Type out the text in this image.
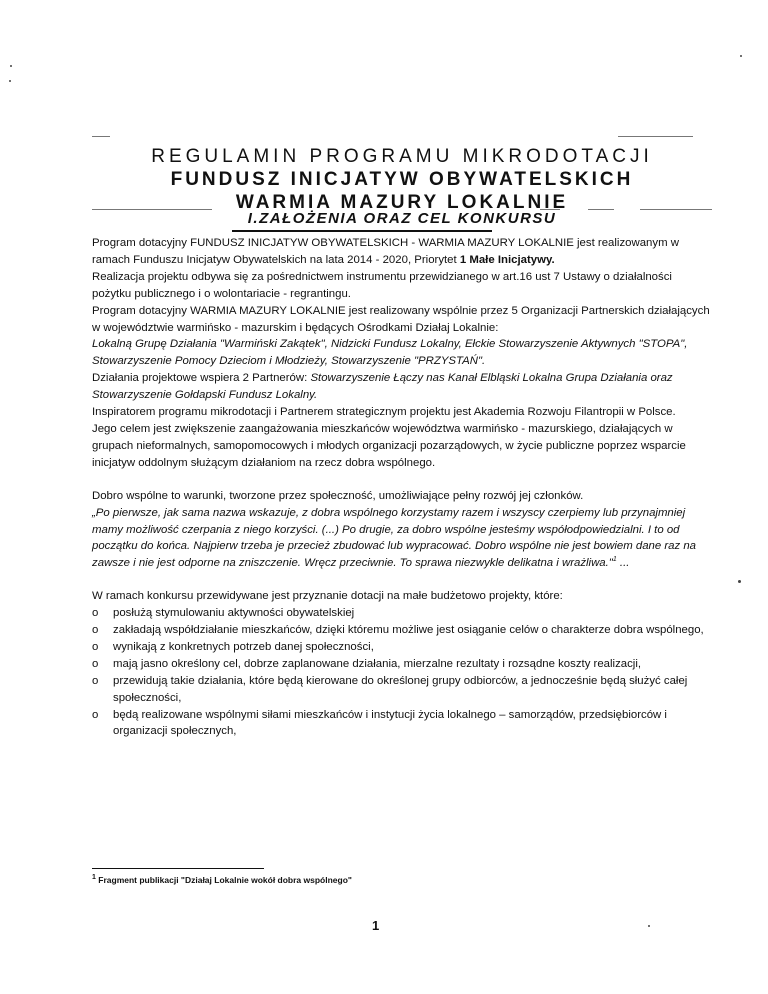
REGULAMIN PROGRAMU MIKRODOTACJI
FUNDUSZ INICJATYW OBYWATELSKICH
WARMIA MAZURY LOKALNIE
I.ZAŁOŻENIA ORAZ CEL KONKURSU

Program dotacyjny FUNDUSZ INICJATYW OBYWATELSKICH - WARMIA MAZURY LOKALNIE jest realizowanym w ramach Funduszu Inicjatyw Obywatelskich na lata 2014 - 2020, Priorytet 1 Małe Inicjatywy.

Realizacja projektu odbywa się za pośrednictwem instrumentu przewidzianego w art.16 ust 7 Ustawy o działalności pożytku publicznego i o wolontariacie - regrantingu.

Program dotacyjny WARMIA MAZURY LOKALNIE jest realizowany wspólnie przez 5 Organizacji Partnerskich działających w województwie warmińsko - mazurskim i będących Ośrodkami Działaj Lokalnie:

Lokalną Grupę Działania "Warmiński Zakątek", Nidzicki Fundusz Lokalny, Ełckie Stowarzyszenie Aktywnych "STOPA", Stowarzyszenie Pomocy Dzieciom i Młodzieży, Stowarzyszenie "PRZYSTAŃ".

Działania projektowe wspiera 2 Partnerów: Stowarzyszenie Łączy nas Kanał Elbląski Lokalna Grupa Działania oraz Stowarzyszenie Gołdapski Fundusz Lokalny.

Inspiratorem programu mikrodotacji i Partnerem strategicznym projektu jest Akademia Rozwoju Filantropii w Polsce.

Jego celem jest zwiększenie zaangażowania mieszkańców województwa warmińsko - mazurskiego, działających w grupach nieformalnych, samopomocowych i młodych organizacji pozarządowych, w życie publiczne poprzez wsparcie inicjatyw oddolnym służącym działaniom na rzecz dobra wspólnego.

Dobro wspólne to warunki, tworzone przez społeczność, umożliwiające pełny rozwój jej członków.

„Po pierwsze, jak sama nazwa wskazuje, z dobra wspólnego korzystamy razem i wszyscy czerpiemy lub przynajmniej mamy możliwość czerpania z niego korzyści. (...) Po drugie, za dobro wspólne jesteśmy współodpowiedzialni. I to od początku do końca. Najpierw trzeba je przecież zbudować lub wypracować. Dobro wspólne nie jest bowiem dane raz na zawsze i nie jest odporne na zniszczenie. Wręcz przeciwnie. To sprawa niezwykle delikatna i wrażliwa."$^1$ ...

W ramach konkursu przewidywane jest przyznanie dotacji na małe budżetowo projekty, które:

o posłużą stymulowaniu aktywności obywatelskiej
o zakładają współdziałanie mieszkańców, dzięki któremu możliwe jest osiąganie celów o charakterze dobra wspólnego,
o wynikają z konkretnych potrzeb danej społeczności,
o mają jasno określony cel, dobrze zaplanowane działania, mierzalne rezultaty i rozsądne koszty realizacji,
o przewidują takie działania, które będą kierowane do określonej grupy odbiorców, a jednocześnie będą służyć całej społeczności,
o będą realizowane wspólnymi siłami mieszkańców i instytucji życia lokalnego – samorządów, przedsiębiorców i organizacji społecznych,
$^1$ Fragment publikacji "Działaj Lokalnie wokół dobra wspólnego"
1
